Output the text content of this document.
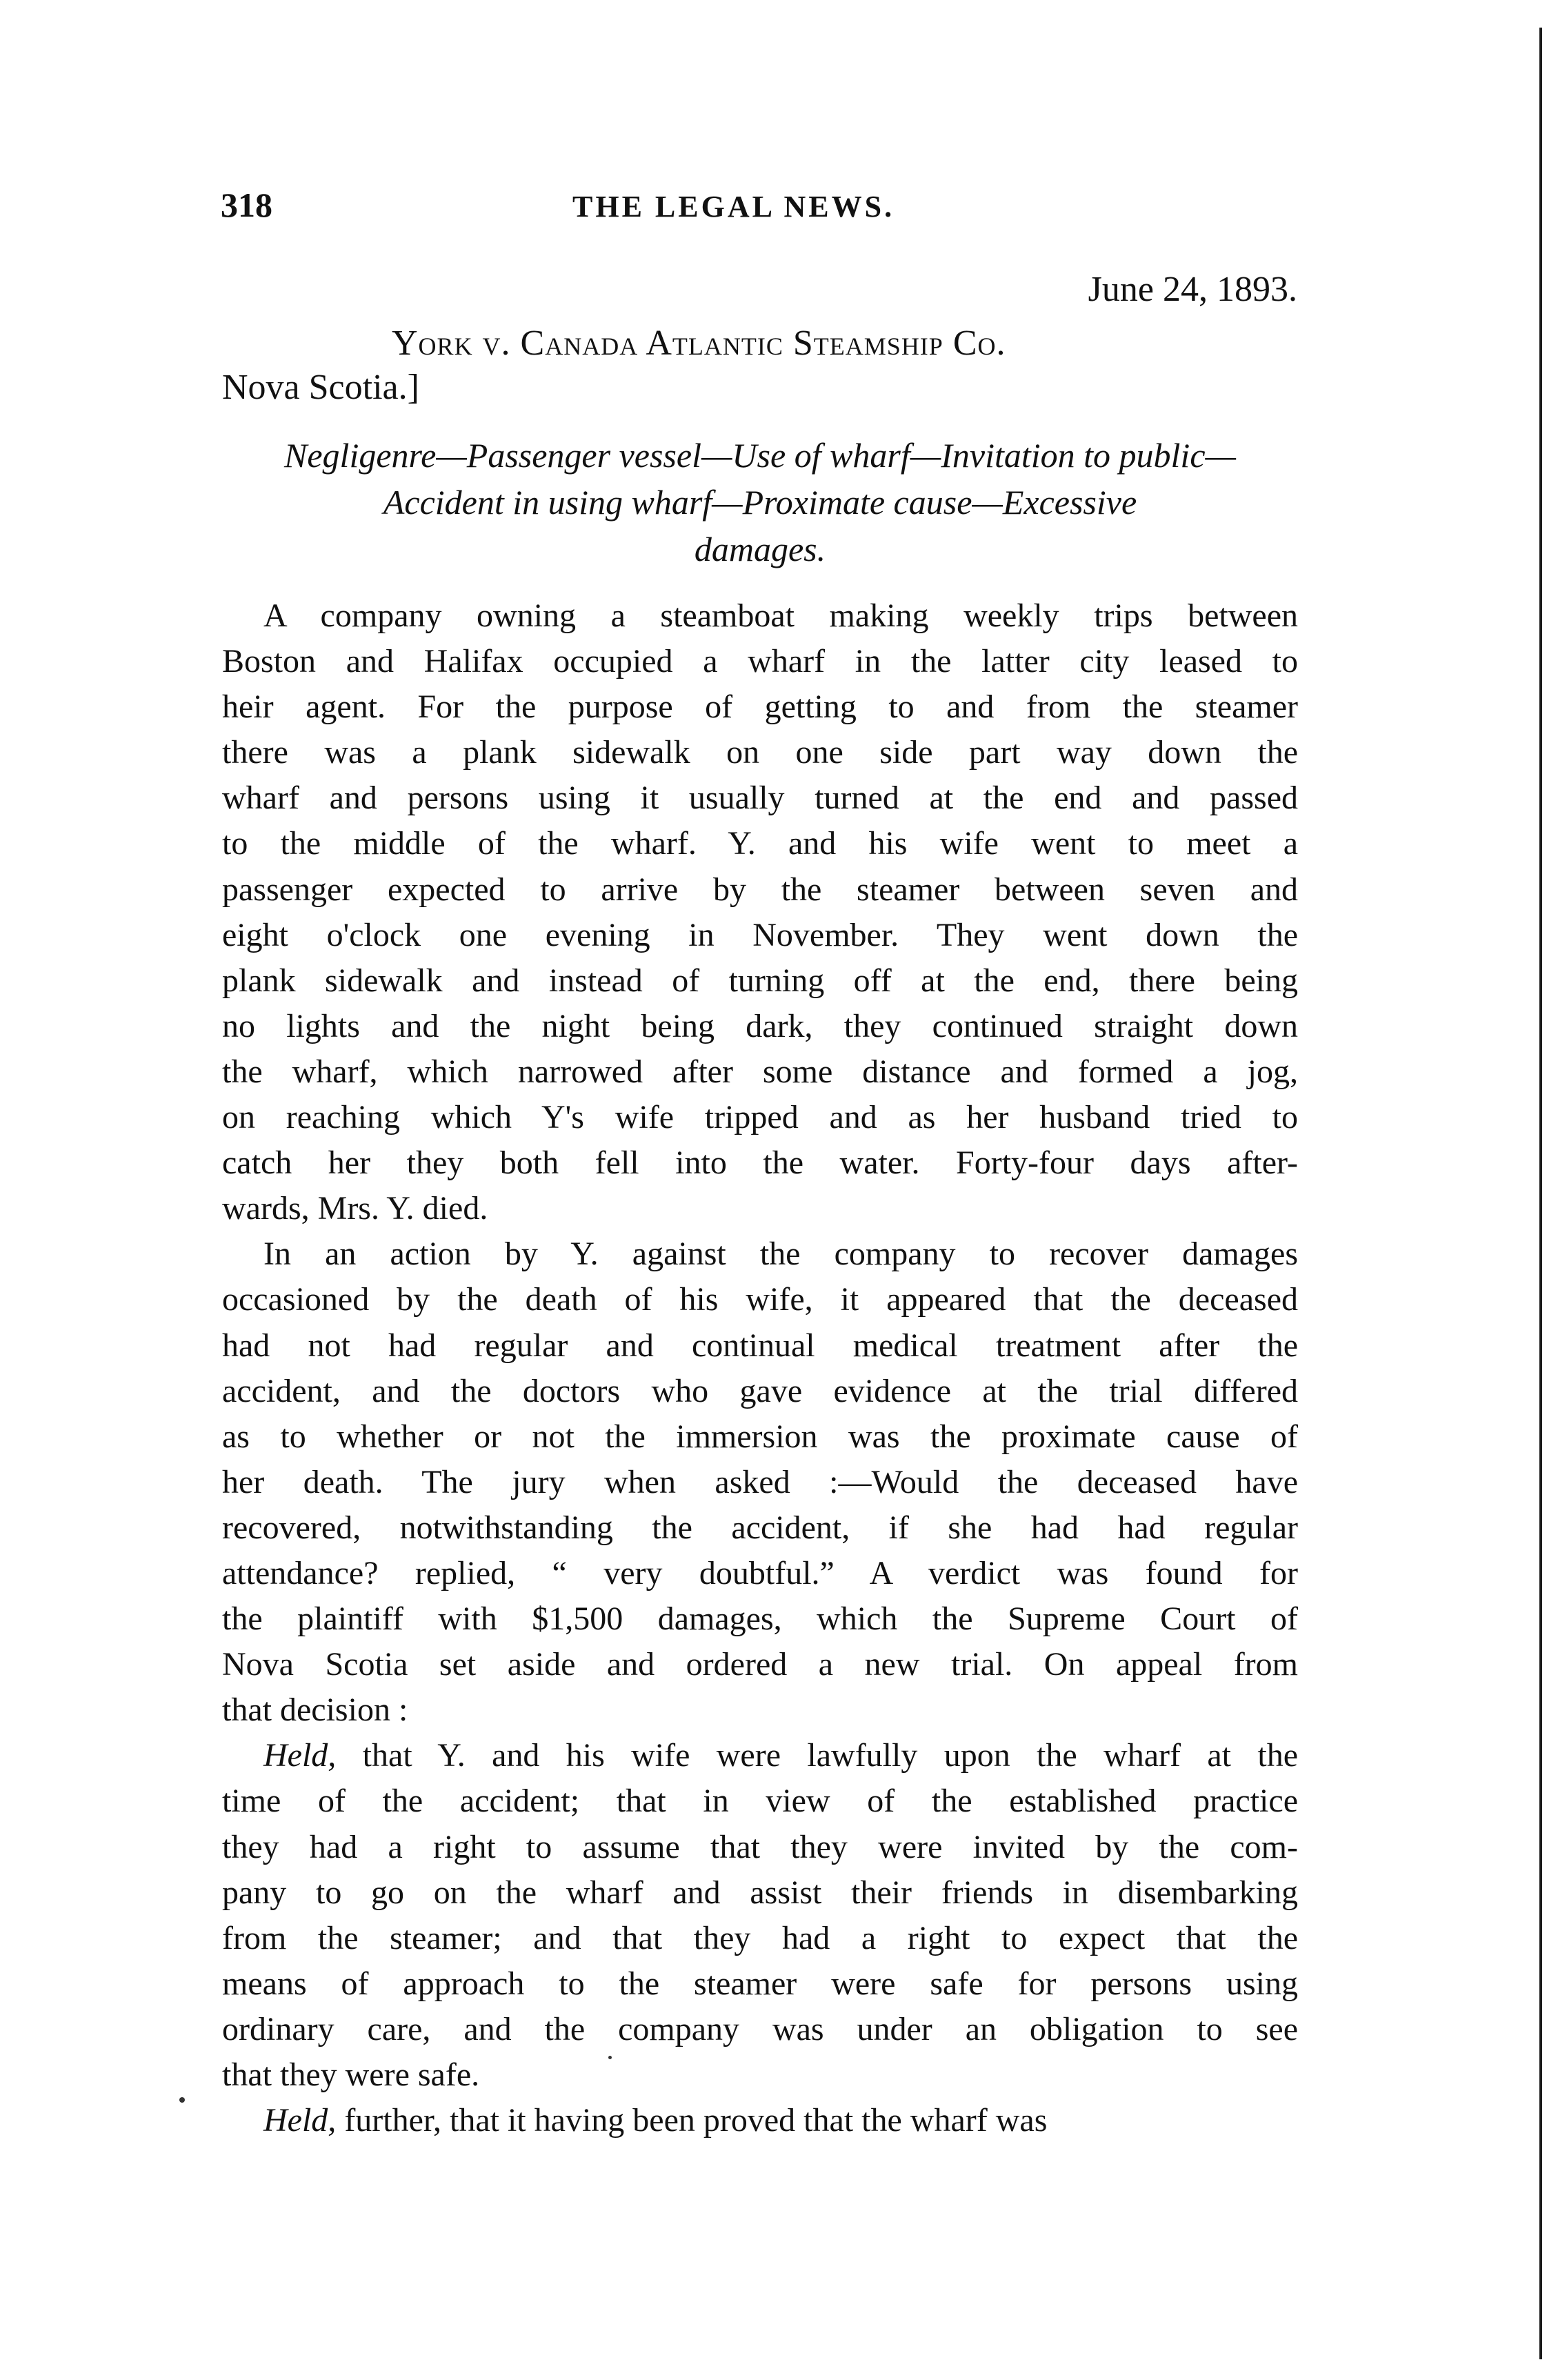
318	THE LEGAL NEWS.
June 24, 1893.
York v. Canada Atlantic Steamship Co.
Nova Scotia.]
Negligenre—Passenger vessel—Use of wharf—Invitation to public—
Accident in using wharf—Proximate cause—Excessive
damages.
A company owning a steamboat making weekly trips between
Boston and Halifax occupied a wharf in the latter city leased to
heir agent. For the purpose of getting to and from the steamer
there was a plank sidewalk on one side part way down the
wharf and persons using it usually turned at the end and passed
to the middle of the wharf. Y. and his wife went to meet a
passenger expected to arrive by the steamer between seven and
eight o'clock one evening in November. They went down the
plank sidewalk and instead of turning off at the end, there being
no lights and the night being dark, they continued straight down
the wharf, which narrowed after some distance and formed a jog,
on reaching which Y's wife tripped and as her husband tried to
catch her they both fell into the water. Forty-four days after-
wards, Mrs. Y. died.
In an action by Y. against the company to recover damages
occasioned by the death of his wife, it appeared that the deceased
had not had regular and continual medical treatment after the
accident, and the doctors who gave evidence at the trial differed
as to whether or not the immersion was the proximate cause of
her death. The jury when asked :—Would the deceased have
recovered, notwithstanding the accident, if she had had regular
attendance? replied, “ very doubtful.” A verdict was found for
the plaintiff with $1,500 damages, which the Supreme Court of
Nova Scotia set aside and ordered a new trial. On appeal from
that decision :
Held, that Y. and his wife were lawfully upon the wharf at the
time of the accident; that in view of the established practice
they had a right to assume that they were invited by the com-
pany to go on the wharf and assist their friends in disembarking
from the steamer; and that they had a right to expect that the
means of approach to the steamer were safe for persons using
ordinary care, and the company was under an obligation to see
that they were safe.
Held, further, that it having been proved that the wharf was
